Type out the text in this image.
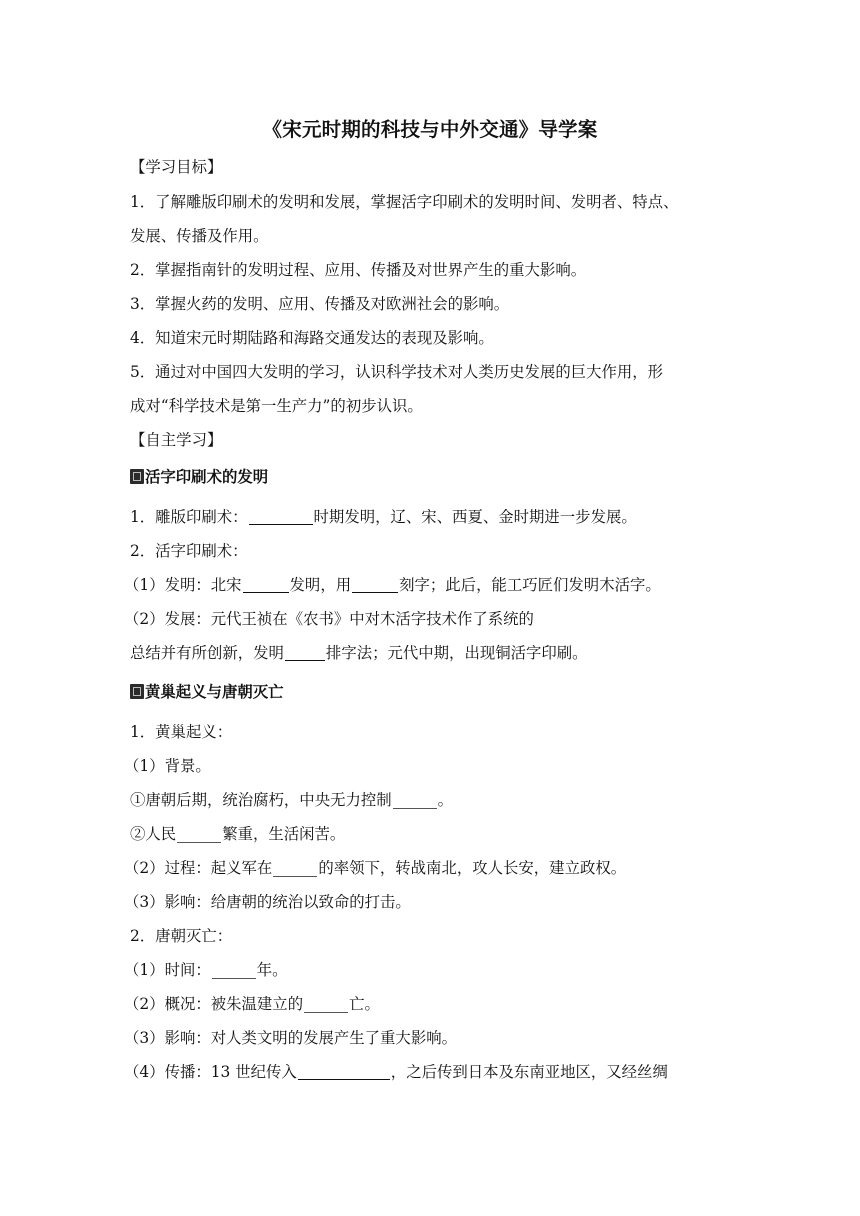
《宋元时期的科技与中外交通》导学案
【学习目标】
1．了解雕版印刷术的发明和发展，掌握活字印刷术的发明时间、发明者、特点、
发展、传播及作用。
2．掌握指南针的发明过程、应用、传播及对世界产生的重大影响。
3．掌握火药的发明、应用、传播及对欧洲社会的影响。
4．知道宋元时期陆路和海路交通发达的表现及影响。
5．通过对中国四大发明的学习，认识科学技术对人类历史发展的巨大作用，形
成对“科学技术是第一生产力”的初步认识。
【自主学习】
活字印刷术的发明
1．雕版印刷术：	时期发明，辽、宋、西夏、金时期进一步发展。
2．活字印刷术：
（1）发明：北宋	发明，用	刻字；此后，能工巧匠们发明木活字。
（2）发展：元代王祯在《农书》中对木活字技术作了系统的
总结并有所创新，发明	排字法；元代中期，出现铜活字印刷。
黄巢起义与唐朝灭亡
1．黄巢起义：
（1）背景。
①唐朝后期，统治腐朽，中央无力控制	。
②人民	繁重，生活闲苦。
（2）过程：起义军在	的率领下，转战南北，攻人长安，建立政权。
（3）影响：给唐朝的统治以致命的打击。
2．唐朝灭亡：
（1）时间：	年。
（2）概况：被朱温建立的	亡。
（3）影响：对人类文明的发展产生了重大影响。
（4）传播：13 世纪传入	，之后传到日本及东南亚地区，又经丝绸
